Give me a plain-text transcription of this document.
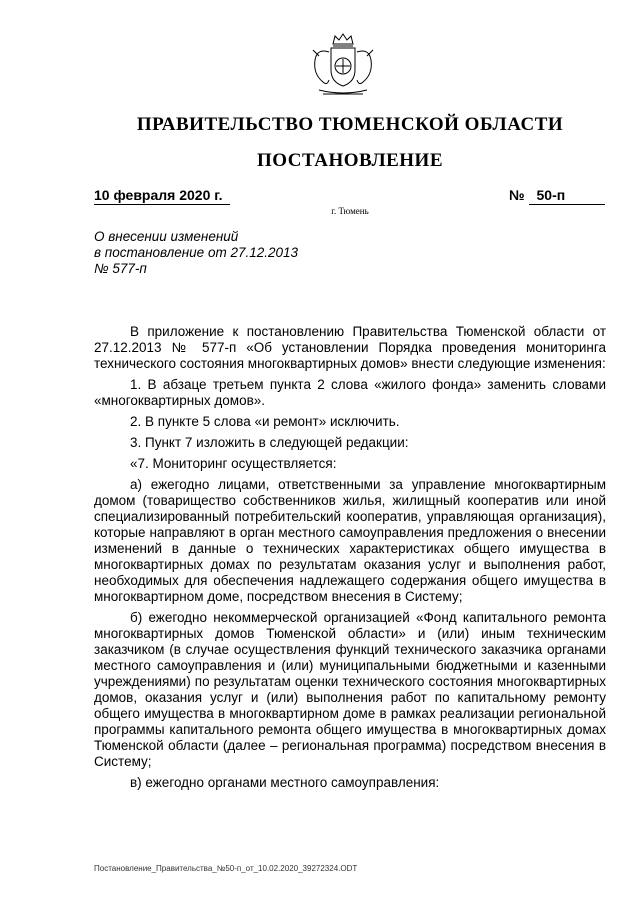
ПРАВИТЕЛЬСТВО ТЮМЕНСКОЙ ОБЛАСТИ
ПОСТАНОВЛЕНИЕ
10 февраля 2020 г.	№ 50-п
г. Тюмень
О внесении изменений
в постановление от 27.12.2013
№ 577-п

В приложение к постановлению Правительства Тюменской области от 27.12.2013 № 577-п «Об установлении Порядка проведения мониторинга технического состояния многоквартирных домов» внести следующие изменения:

1. В абзаце третьем пункта 2 слова «жилого фонда» заменить словами «многоквартирных домов».

2. В пункте 5 слова «и ремонт» исключить.

3. Пункт 7 изложить в следующей редакции:

«7. Мониторинг осуществляется:

а) ежегодно лицами, ответственными за управление многоквартирным домом (товарищество собственников жилья, жилищный кооператив или иной специализированный потребительский кооператив, управляющая организация), которые направляют в орган местного самоуправления предложения о внесении изменений в данные о технических характеристиках общего имущества в многоквартирных домах по результатам оказания услуг и выполнения работ, необходимых для обеспечения надлежащего содержания общего имущества в многоквартирном доме, посредством внесения в Систему;

б) ежегодно некоммерческой организацией «Фонд капитального ремонта многоквартирных домов Тюменской области» и (или) иным техническим заказчиком (в случае осуществления функций технического заказчика органами местного самоуправления и (или) муниципальными бюджетными и казенными учреждениями) по результатам оценки технического состояния многоквартирных домов, оказания услуг и (или) выполнения работ по капитальному ремонту общего имущества в многоквартирном доме в рамках реализации региональной программы капитального ремонта общего имущества в многоквартирных домах Тюменской области (далее – региональная программа) посредством внесения в Систему;

в) ежегодно органами местного самоуправления:

Постановление_Правительства_№50-п_от_10.02.2020_39272324.ODT
